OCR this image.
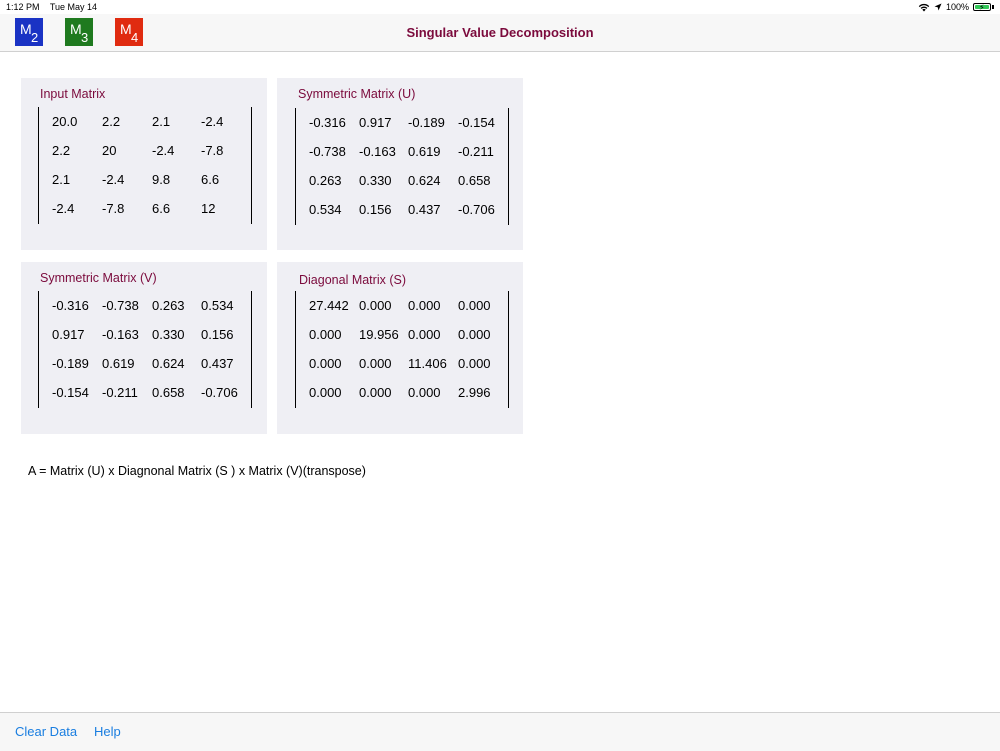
1:12 PM Tue May 14	100% ⚡
M
2
M
3
M
4	Singular Value Decomposition
Input Matrix
20.0 2.2 2.1 -2.4
2.2 20	-2.4 -7.8
2.1 -2.4 9.8 6.6
-2.4 -7.8 6.6 12
Symmetric Matrix (U)
-0.316 0.917 -0.189 -0.154
-0.738 -0.163 0.619 -0.211
0.263 0.330 0.624 0.658
0.534 0.156 0.437 -0.706
Symmetric Matrix (V)
-0.316 -0.738 0.263 0.534
0.917 -0.163 0.330 0.156
-0.189 0.619 0.624 0.437
-0.154 -0.211 0.658 -0.706
Diagonal Matrix (S)
27.442 0.000 0.000 0.000
0.000 19.956 0.000 0.000
0.000 0.000 11.406 0.000
0.000 0.000 0.000 2.996
A = Matrix (U) x Diagnonal Matrix (S ) x Matrix (V)(transpose)
Clear Data Help
